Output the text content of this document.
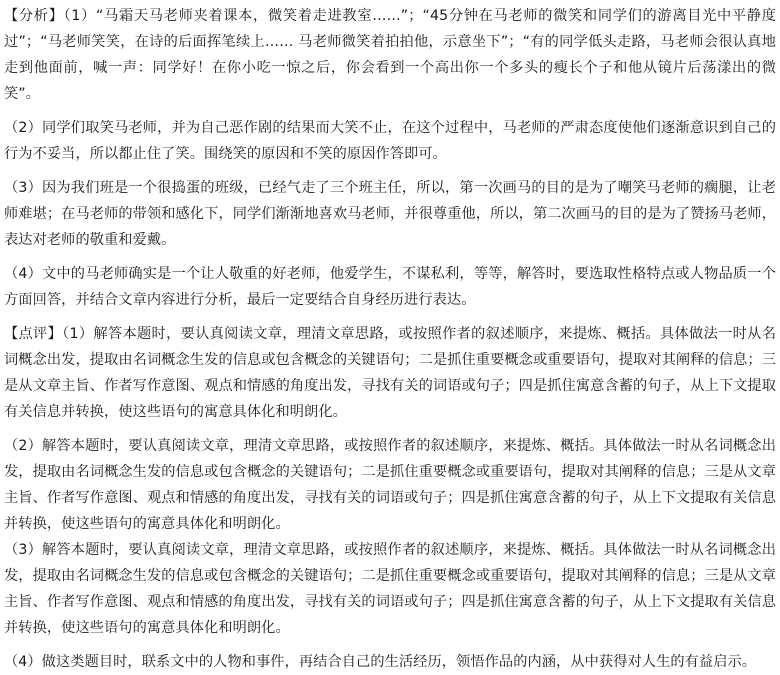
【分析】（1）“马霜天马老师夹着课本，微笑着走进教室……”；“45分钟在马老师的微笑和同学们的游离目光中平静度过”；“马老师笑笑，在诗的后面挥笔续上…… 马老师微笑着拍拍他，示意坐下”；“有的同学低头走路，马老师会很认真地走到他面前，喊一声：同学好！在你小吃一惊之后，你会看到一个高出你一个多头的瘦长个子和他从镜片后荡漾出的微笑”。

（2）同学们取笑马老师，并为自己恶作剧的结果而大笑不止，在这个过程中，马老师的严肃态度使他们逐渐意识到自己的行为不妥当，所以都止住了笑。围绕笑的原因和不笑的原因作答即可。

（3）因为我们班是一个很捣蛋的班级，已经气走了三个班主任，所以，第一次画马的目的是为了嘲笑马老师的瘸腿，让老师难堪；在马老师的带领和感化下，同学们渐渐地喜欢马老师，并很尊重他，所以，第二次画马的目的是为了赞扬马老师，表达对老师的敬重和爱戴。

（4）文中的马老师确实是一个让人敬重的好老师，他爱学生，不谋私利，等等，解答时，要选取性格特点或人物品质一个方面回答，并结合文章内容进行分析，最后一定要结合自身经历进行表达。

【点评】（1）解答本题时，要认真阅读文章，理清文章思路，或按照作者的叙述顺序，来提炼、概括。具体做法一时从名词概念出发，提取由名词概念生发的信息或包含概念的关键语句；二是抓住重要概念或重要语句，提取对其阐释的信息；三是从文章主旨、作者写作意图、观点和情感的角度出发，寻找有关的词语或句子；四是抓住寓意含蓄的句子，从上下文提取有关信息并转换，使这些语句的寓意具体化和明朗化。

（2）解答本题时，要认真阅读文章，理清文章思路，或按照作者的叙述顺序，来提炼、概括。具体做法一时从名词概念出发，提取由名词概念生发的信息或包含概念的关键语句；二是抓住重要概念或重要语句，提取对其阐释的信息；三是从文章主旨、作者写作意图、观点和情感的角度出发，寻找有关的词语或句子；四是抓住寓意含蓄的句子，从上下文提取有关信息并转换，使这些语句的寓意具体化和明朗化。

（3）解答本题时，要认真阅读文章，理清文章思路，或按照作者的叙述顺序，来提炼、概括。具体做法一时从名词概念出发，提取由名词概念生发的信息或包含概念的关键语句；二是抓住重要概念或重要语句，提取对其阐释的信息；三是从文章主旨、作者写作意图、观点和情感的角度出发，寻找有关的词语或句子；四是抓住寓意含蓄的句子，从上下文提取有关信息并转换，使这些语句的寓意具体化和明朗化。

（4）做这类题目时，联系文中的人物和事件，再结合自己的生活经历，领悟作品的内涵，从中获得对人生的有益启示。
